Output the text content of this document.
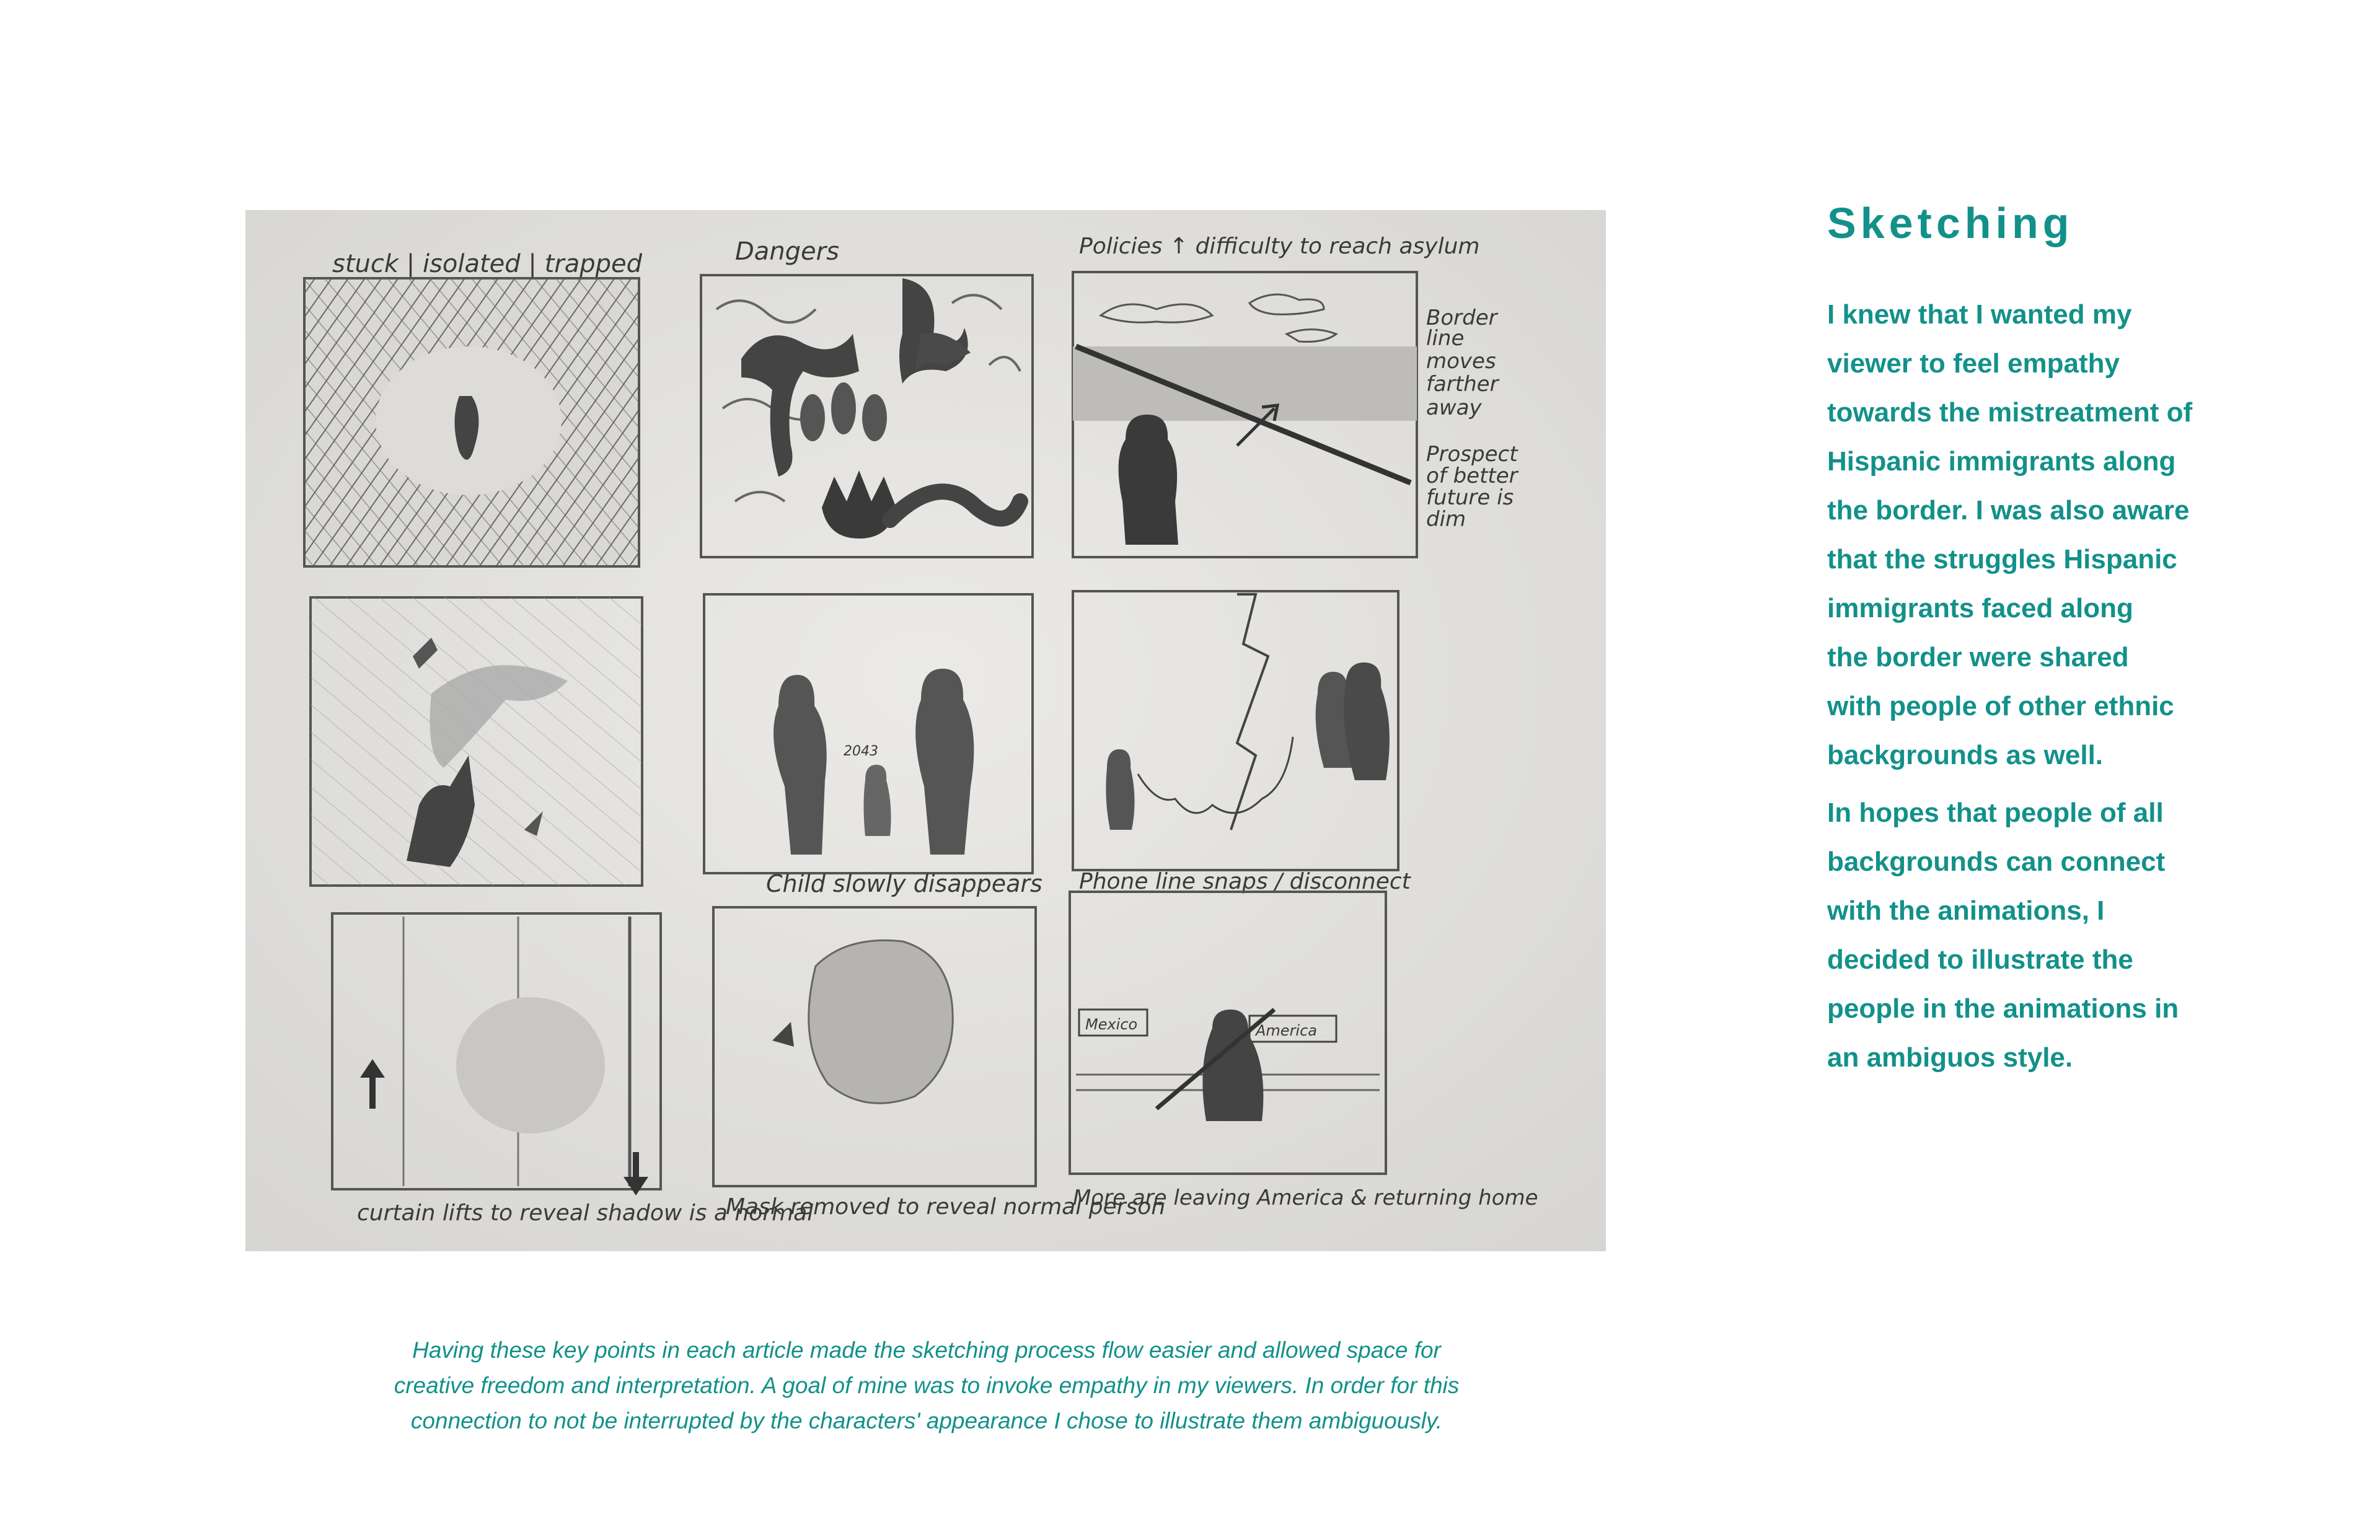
stuck | isolated | trapped	Dangers	Policies ↑ difficulty to reach asylum
Border
line
moves
farther
away
Prospect
of better
future is
dim
2043
Child slowly disappears Phone line snaps / disconnect
curtain lifts to reveal shadow is a normal
Mask removed to reveal normal person
Mexico	America
More are leaving America & returning home

Having these key points in each article made the sketching process flow easier and allowed space for

creative freedom and interpretation. A goal of mine was to invoke empathy in my viewers. In order for this

connection to not be interrupted by the characters' appearance I chose to illustrate them ambiguously.

Sketching
I knew that I wanted my
viewer to feel empathy
towards the mistreatment of
Hispanic immigrants along
the border. I was also aware
that the struggles Hispanic
immigrants faced along
the border were shared
with people of other ethnic
backgrounds as well.
In hopes that people of all
backgrounds can connect
with the animations, I
decided to illustrate the
people in the animations in
an ambiguos style.
